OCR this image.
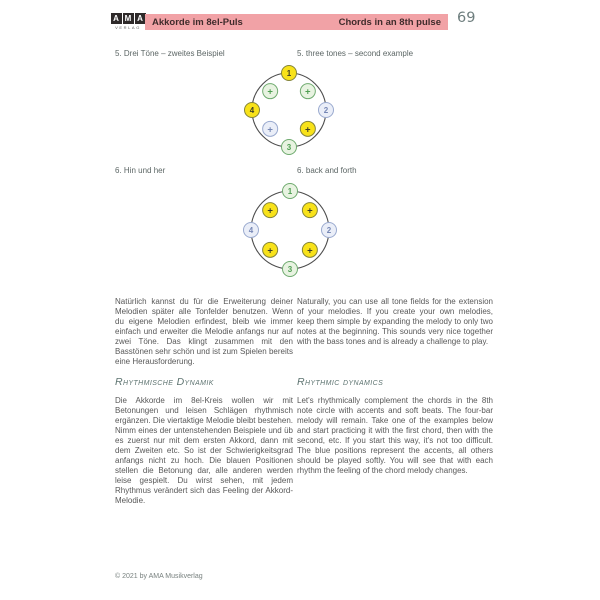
A M A
VERLAG	Akkorde im 8el-Puls	Chords in an 8th pulse 69
5. Drei Töne – zweites Beispiel	5. three tones – second example
1
2
3
4
+	+
+	+
6. Hin und her	6. back and forth
1
2
3
4
+	+
+	+

Natürlich kannst du für die Erweiterung deiner Melodien später alle Tonfelder benutzen. Wenn du eigene Melodien erfindest, bleib wie immer einfach und erweiter die Melodie anfangs nur auf zwei Töne. Das klingt zusammen mit den Basstönen sehr schön und ist zum Spielen bereits eine Herausforderung.

Naturally, you can use all tone fields for the extension of your melodies. If you create your own melodies, keep them simple by expanding the melody to only two notes at the beginning. This sounds very nice together with the bass tones and is already a challenge to play.

Rhythmische Dynamik	Rhythmic dynamics

Die Akkorde im 8el-Kreis wollen wir mit Betonungen und leisen Schlägen rhythmisch ergänzen. Die viertaktige Melodie bleibt bestehen. Nimm eines der untenstehenden Beispiele und üb es zuerst nur mit dem ersten Akkord, dann mit dem Zweiten etc. So ist der Schwierigkeitsgrad anfangs nicht zu hoch. Die blauen Positionen stellen die Betonung dar, alle anderen werden leise gespielt. Du wirst sehen, mit jedem Rhythmus verändert sich das Feeling der Akkord-Melodie.

Let's rhythmically complement the chords in the 8th note circle with accents and soft beats. The four-bar melody will remain. Take one of the examples below and start practicing it with the first chord, then with the second, etc. If you start this way, it's not too difficult. The blue positions represent the accents, all others should be played softly. You will see that with each rhythm the feeling of the chord melody changes.

© 2021 by AMA Musikverlag
